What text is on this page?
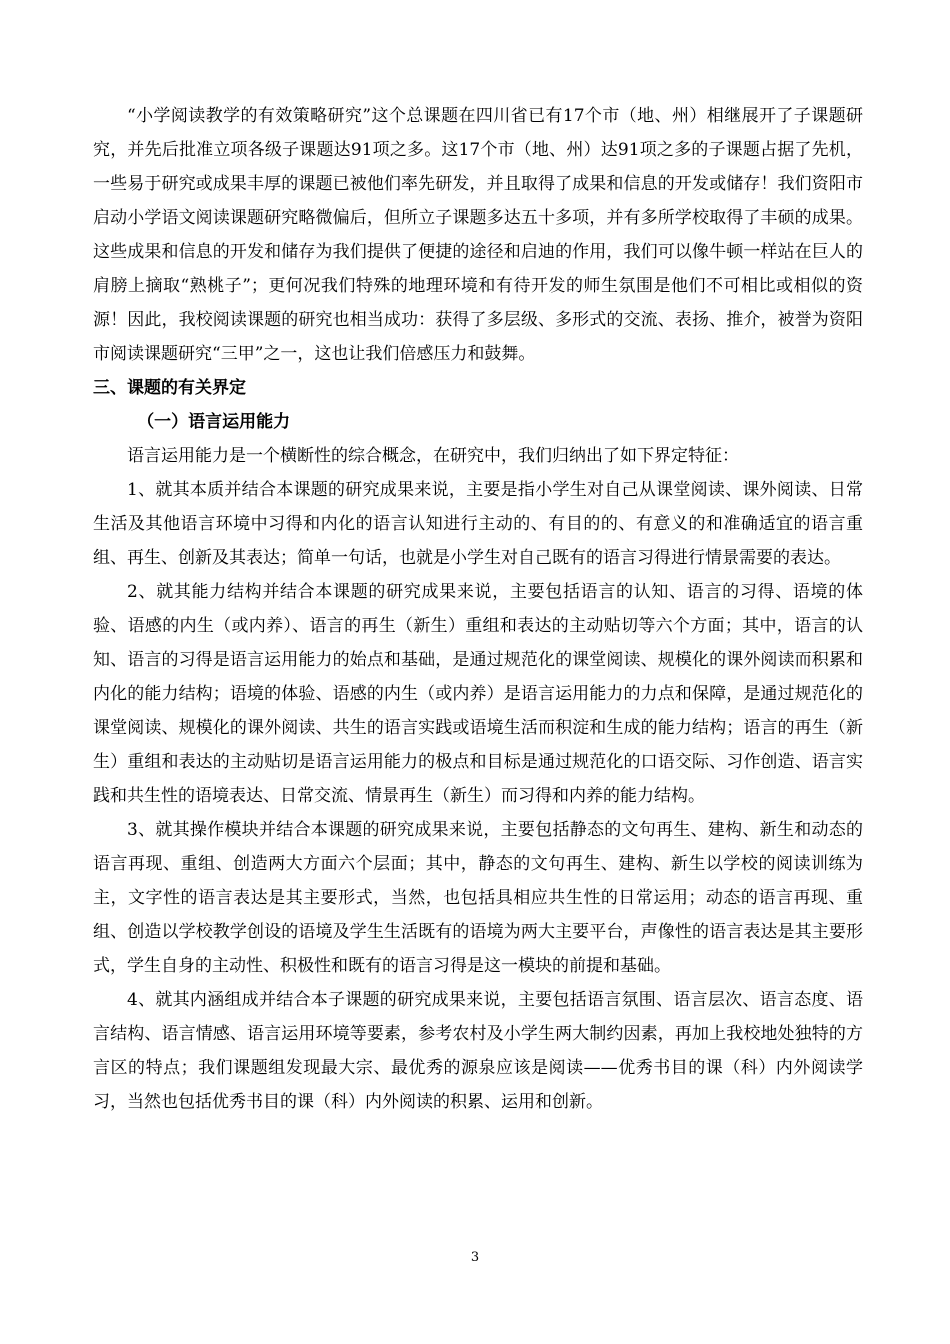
“小学阅读教学的有效策略研究”这个总课题在四川省已有17个市（地、州）相继展开了子课题研究，并先后批准立项各级子课题达91项之多。这17个市（地、州）达91项之多的子课题占据了先机，一些易于研究或成果丰厚的课题已被他们率先研发，并且取得了成果和信息的开发或储存！我们资阳市启动小学语文阅读课题研究略微偏后，但所立子课题多达五十多项，并有多所学校取得了丰硕的成果。这些成果和信息的开发和储存为我们提供了便捷的途径和启迪的作用，我们可以像牛顿一样站在巨人的肩膀上摘取“熟桃子”；更何况我们特殊的地理环境和有待开发的师生氛围是他们不可相比或相似的资源！因此，我校阅读课题的研究也相当成功：获得了多层级、多形式的交流、表扬、推介，被誉为资阳市阅读课题研究“三甲”之一，这也让我们倍感压力和鼓舞。

三、课题的有关界定

（一）语言运用能力

语言运用能力是一个横断性的综合概念，在研究中，我们归纳出了如下界定特征：

1、就其本质并结合本课题的研究成果来说，主要是指小学生对自己从课堂阅读、课外阅读、日常生活及其他语言环境中习得和内化的语言认知进行主动的、有目的的、有意义的和准确适宜的语言重组、再生、创新及其表达；简单一句话，也就是小学生对自己既有的语言习得进行情景需要的表达。

2、就其能力结构并结合本课题的研究成果来说，主要包括语言的认知、语言的习得、语境的体验、语感的内生（或内养）、语言的再生（新生）重组和表达的主动贴切等六个方面；其中，语言的认知、语言的习得是语言运用能力的始点和基础，是通过规范化的课堂阅读、规模化的课外阅读而积累和内化的能力结构；语境的体验、语感的内生（或内养）是语言运用能力的力点和保障，是通过规范化的课堂阅读、规模化的课外阅读、共生的语言实践或语境生活而积淀和生成的能力结构；语言的再生（新生）重组和表达的主动贴切是语言运用能力的极点和目标是通过规范化的口语交际、习作创造、语言实践和共生性的语境表达、日常交流、情景再生（新生）而习得和内养的能力结构。

3、就其操作模块并结合本课题的研究成果来说，主要包括静态的文句再生、建构、新生和动态的语言再现、重组、创造两大方面六个层面；其中，静态的文句再生、建构、新生以学校的阅读训练为主，文字性的语言表达是其主要形式，当然，也包括具相应共生性的日常运用；动态的语言再现、重组、创造以学校教学创设的语境及学生生活既有的语境为两大主要平台，声像性的语言表达是其主要形式，学生自身的主动性、积极性和既有的语言习得是这一模块的前提和基础。

4、就其内涵组成并结合本子课题的研究成果来说，主要包括语言氛围、语言层次、语言态度、语言结构、语言情感、语言运用环境等要素，参考农村及小学生两大制约因素，再加上我校地处独特的方言区的特点；我们课题组发现最大宗、最优秀的源泉应该是阅读——优秀书目的课（科）内外阅读学习，当然也包括优秀书目的课（科）内外阅读的积累、运用和创新。

3
